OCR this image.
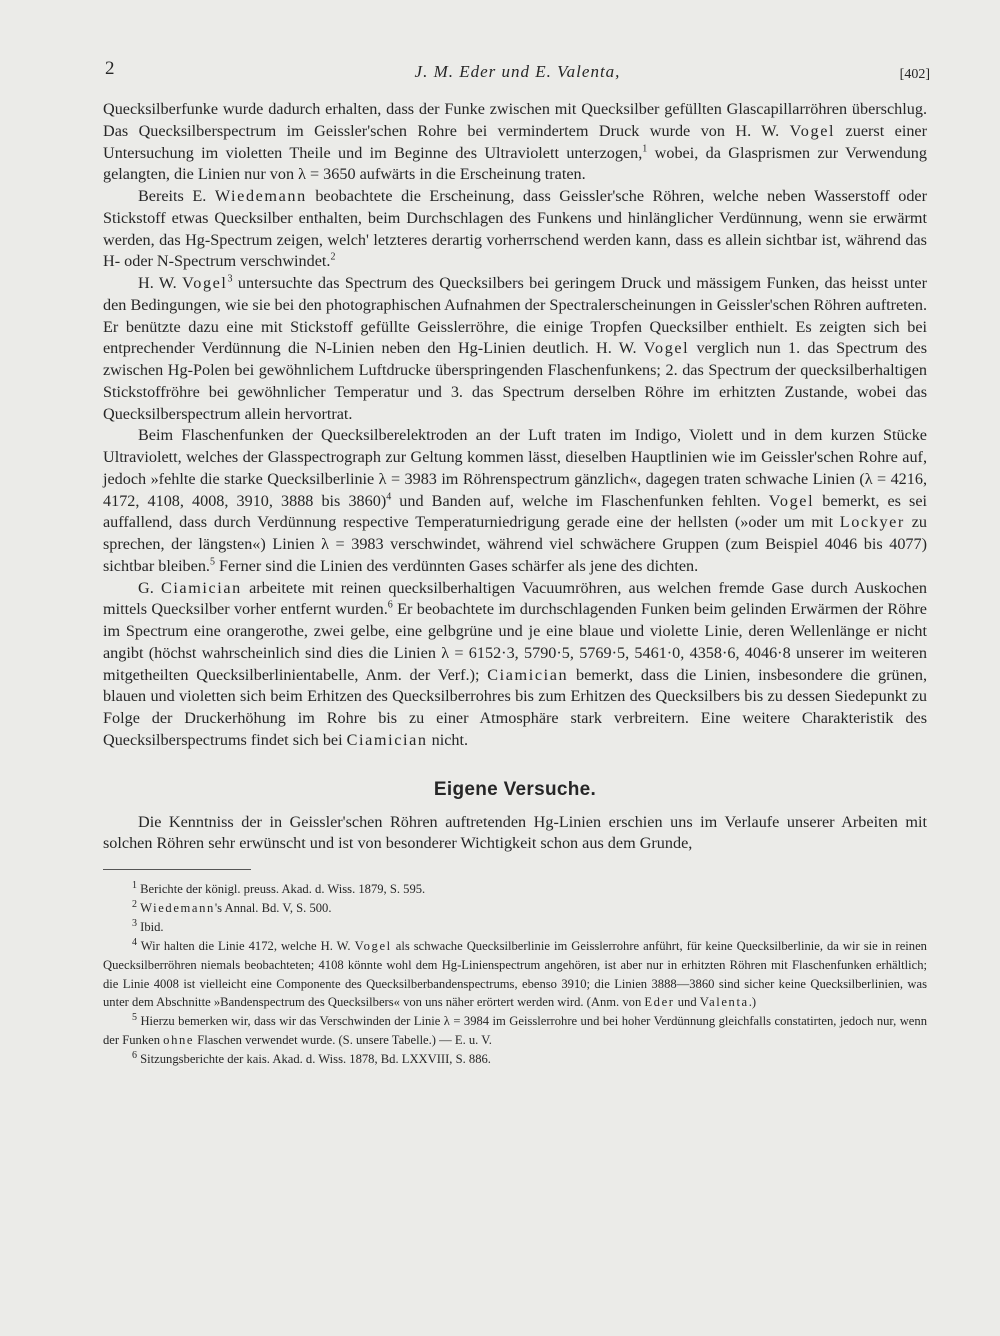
2	J. M. Eder und E. Valenta,	[402]

Quecksilberfunke wurde dadurch erhalten, dass der Funke zwischen mit Quecksilber gefüllten Glascapillarröhren überschlug. Das Quecksilberspectrum im Geissler'schen Rohre bei vermindertem Druck wurde von H. W. Vogel zuerst einer Untersuchung im violetten Theile und im Beginne des Ultraviolett unterzogen,$^1$ wobei, da Glasprismen zur Verwendung gelangten, die Linien nur von λ = 3650 aufwärts in die Erscheinung traten.

Bereits E. Wiedemann beobachtete die Erscheinung, dass Geissler'sche Röhren, welche neben Wasserstoff oder Stickstoff etwas Quecksilber enthalten, beim Durchschlagen des Funkens und hinlänglicher Verdünnung, wenn sie erwärmt werden, das Hg-Spectrum zeigen, welch' letzteres derartig vorherrschend werden kann, dass es allein sichtbar ist, während das H- oder N-Spectrum verschwindet.$^2$

H. W. Vogel$^3$ untersuchte das Spectrum des Quecksilbers bei geringem Druck und mässigem Funken, das heisst unter den Bedingungen, wie sie bei den photographischen Aufnahmen der Spectralerscheinungen in Geissler'schen Röhren auftreten. Er benützte dazu eine mit Stickstoff gefüllte Geisslerröhre, die einige Tropfen Quecksilber enthielt. Es zeigten sich bei entprechender Verdünnung die N-Linien neben den Hg-Linien deutlich. H. W. Vogel verglich nun 1. das Spectrum des zwischen Hg-Polen bei gewöhnlichem Luftdrucke überspringenden Flaschenfunkens; 2. das Spectrum der quecksilberhaltigen Stickstoffröhre bei gewöhnlicher Temperatur und 3. das Spectrum derselben Röhre im erhitzten Zustande, wobei das Quecksilberspectrum allein hervortrat.

Beim Flaschenfunken der Quecksilberelektroden an der Luft traten im Indigo, Violett und in dem kurzen Stücke Ultraviolett, welches der Glasspectrograph zur Geltung kommen lässt, dieselben Hauptlinien wie im Geissler'schen Rohre auf, jedoch »fehlte die starke Quecksilberlinie λ = 3983 im Röhrenspectrum gänzlich«, dagegen traten schwache Linien (λ = 4216, 4172, 4108, 4008, 3910, 3888 bis 3860)$^4$ und Banden auf, welche im Flaschenfunken fehlten. Vogel bemerkt, es sei auffallend, dass durch Verdünnung respective Temperaturniedrigung gerade eine der hellsten (»oder um mit Lockyer zu sprechen, der längsten«) Linien λ = 3983 verschwindet, während viel schwächere Gruppen (zum Beispiel 4046 bis 4077) sichtbar bleiben.$^5$ Ferner sind die Linien des verdünnten Gases schärfer als jene des dichten.

G. Ciamician arbeitete mit reinen quecksilberhaltigen Vacuumröhren, aus welchen fremde Gase durch Auskochen mittels Quecksilber vorher entfernt wurden.$^6$ Er beobachtete im durchschlagenden Funken beim gelinden Erwärmen der Röhre im Spectrum eine orangerothe, zwei gelbe, eine gelbgrüne und je eine blaue und violette Linie, deren Wellenlänge er nicht angibt (höchst wahrscheinlich sind dies die Linien λ = 6152·3, 5790·5, 5769·5, 5461·0, 4358·6, 4046·8 unserer im weiteren mitgetheilten Quecksilberlinientabelle, Anm. der Verf.); Ciamician bemerkt, dass die Linien, insbesondere die grünen, blauen und violetten sich beim Erhitzen des Quecksilberrohres bis zum Erhitzen des Quecksilbers bis zu dessen Siedepunkt zu Folge der Druckerhöhung im Rohre bis zu einer Atmosphäre stark verbreitern. Eine weitere Charakteristik des Quecksilberspectrums findet sich bei Ciamician nicht.

Eigene Versuche.

Die Kenntniss der in Geissler'schen Röhren auftretenden Hg-Linien erschien uns im Verlaufe unserer Arbeiten mit solchen Röhren sehr erwünscht und ist von besonderer Wichtigkeit schon aus dem Grunde,

$^1$ Berichte der königl. preuss. Akad. d. Wiss. 1879, S. 595.

$^2$ Wiedemann's Annal. Bd. V, S. 500.

$^3$ Ibid.

$^4$ Wir halten die Linie 4172, welche H. W. Vogel als schwache Quecksilberlinie im Geisslerrohre anführt, für keine Quecksilberlinie, da wir sie in reinen Quecksilberröhren niemals beobachteten; 4108 könnte wohl dem Hg-Linienspectrum angehören, ist aber nur in erhitzten Röhren mit Flaschenfunken erhältlich; die Linie 4008 ist vielleicht eine Componente des Quecksilberbandenspectrums, ebenso 3910; die Linien 3888—3860 sind sicher keine Quecksilberlinien, was unter dem Abschnitte »Bandenspectrum des Quecksilbers« von uns näher erörtert werden wird. (Anm. von Eder und Valenta.)

$^5$ Hierzu bemerken wir, dass wir das Verschwinden der Linie λ = 3984 im Geisslerrohre und bei hoher Verdünnung gleichfalls constatirten, jedoch nur, wenn der Funken ohne Flaschen verwendet wurde. (S. unsere Tabelle.) — E. u. V.

$^6$ Sitzungsberichte der kais. Akad. d. Wiss. 1878, Bd. LXXVIII, S. 886.
